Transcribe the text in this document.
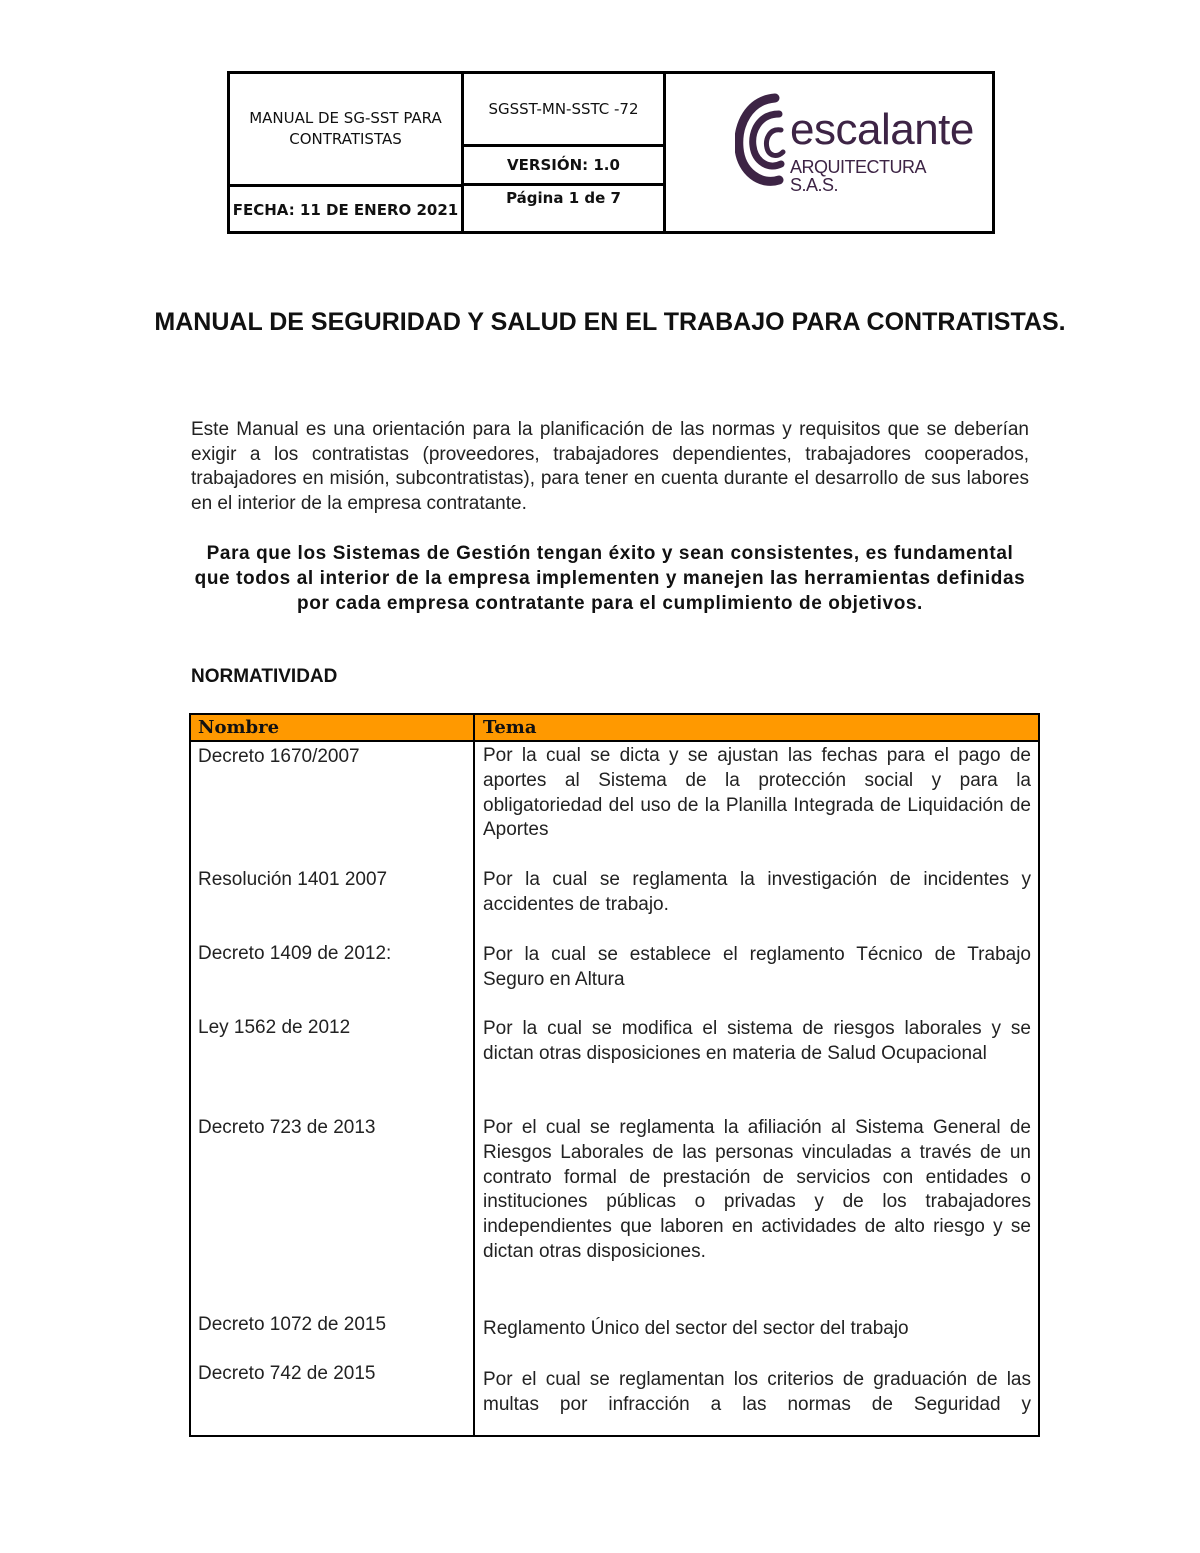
MANUAL DE SG-SST PARA CONTRATISTAS
SGSST-MN-SSTC -72
VERSIÓN: 1.0
FECHA: 11 DE ENERO 2021
Página 1 de 7
escalante
ARQUITECTURA S.A.S.
MANUAL DE SEGURIDAD Y SALUD EN EL TRABAJO PARA CONTRATISTAS.
Este Manual es una orientación para la planificación de las normas y requisitos que se deberían exigir a los contratistas (proveedores, trabajadores dependientes, trabajadores cooperados, trabajadores en misión, subcontratistas), para tener en cuenta durante el desarrollo de sus labores en el interior de la empresa contratante.
Para que los Sistemas de Gestión tengan éxito y sean consistentes, es fundamental que todos al interior de la empresa implementen y manejen las herramientas definidas por cada empresa contratante para el cumplimiento de objetivos.
NORMATIVIDAD
Nombre	Tema
Decreto 1670/2007	Por la cual se dicta y se ajustan las fechas para el pago de aportes al Sistema de la protección social y para la obligatoriedad del uso de la Planilla Integrada de Liquidación de Aportes
Resolución 1401 2007	Por la cual se reglamenta la investigación de incidentes y accidentes de trabajo.
Decreto 1409 de 2012:	Por la cual se establece el reglamento Técnico de Trabajo Seguro en Altura
Ley 1562 de 2012	Por la cual se modifica el sistema de riesgos laborales y se dictan otras disposiciones en materia de Salud Ocupacional
Decreto 723 de 2013	Por el cual se reglamenta la afiliación al Sistema General de Riesgos Laborales de las personas vinculadas a través de un contrato formal de prestación de servicios con entidades o instituciones públicas o privadas y de los trabajadores independientes que laboren en actividades de alto riesgo y se dictan otras disposiciones.
Decreto 1072 de 2015	Reglamento Único del sector del sector del trabajo
Decreto 742 de 2015	Por el cual se reglamentan los criterios de graduación de las multas por infracción a las normas de Seguridad y
